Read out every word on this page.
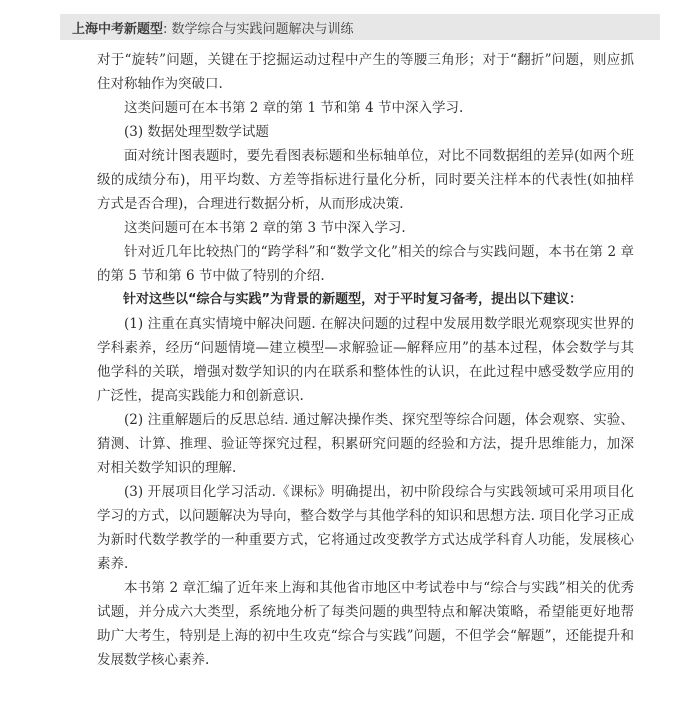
上海中考新题型 : 数学综合与实践问题解决与训练

对于“旋转”问题，关键在于挖掘运动过程中产生的等腰三角形；对于“翻折”问题，则应抓住对称轴作为突破口.

这类问题可在本书第 2 章的第 1 节和第 4 节中深入学习.

(3) 数据处理型数学试题

面对统计图表题时，要先看图表标题和坐标轴单位，对比不同数据组的差异(如两个班级的成绩分布)，用平均数、方差等指标进行量化分析，同时要关注样本的代表性(如抽样方式是否合理)，合理进行数据分析，从而形成决策.

这类问题可在本书第 2 章的第 3 节中深入学习.

针对近几年比较热门的“跨学科”和“数学文化”相关的综合与实践问题，本书在第 2 章的第 5 节和第 6 节中做了特别的介绍.

针对这些以“综合与实践”为背景的新题型，对于平时复习备考，提出以下建议：

(1) 注重在真实情境中解决问题. 在解决问题的过程中发展用数学眼光观察现实世界的学科素养，经历“问题情境—建立模型—求解验证—解释应用”的基本过程，体会数学与其他学科的关联，增强对数学知识的内在联系和整体性的认识，在此过程中感受数学应用的广泛性，提高实践能力和创新意识.

(2) 注重解题后的反思总结. 通过解决操作类、探究型等综合问题，体会观察、实验、猜测、计算、推理、验证等探究过程，积累研究问题的经验和方法，提升思维能力，加深对相关数学知识的理解.

(3) 开展项目化学习活动.《课标》明确提出，初中阶段综合与实践领域可采用项目化学习的方式，以问题解决为导向，整合数学与其他学科的知识和思想方法. 项目化学习正成为新时代数学教学的一种重要方式，它将通过改变教学方式达成学科育人功能，发展核心素养.

本书第 2 章汇编了近年来上海和其他省市地区中考试卷中与“综合与实践”相关的优秀试题，并分成六大类型，系统地分析了每类问题的典型特点和解决策略，希望能更好地帮助广大考生，特别是上海的初中生攻克“综合与实践”问题，不但学会“解题”，还能提升和发展数学核心素养.
